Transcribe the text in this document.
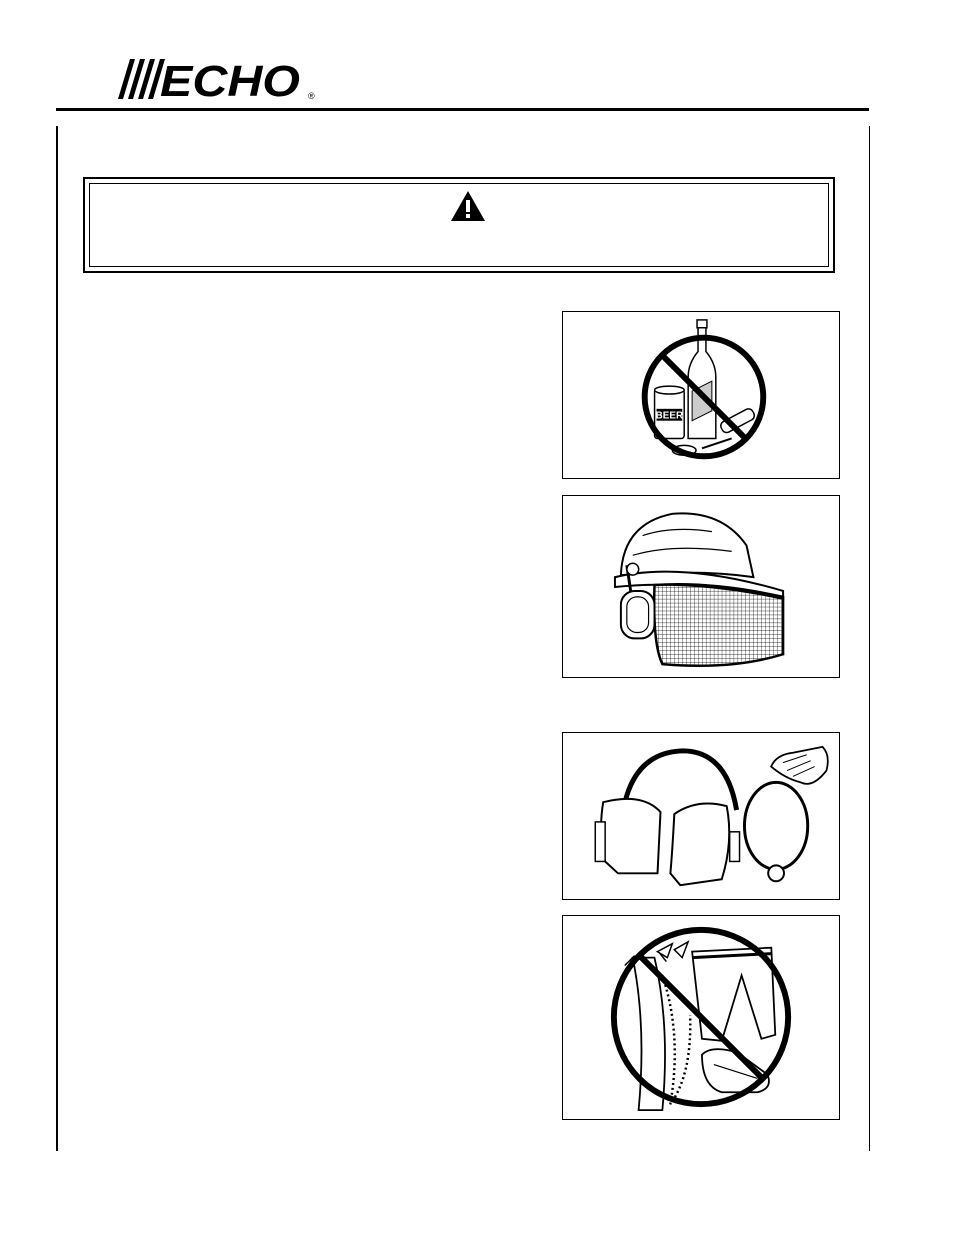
ECHO ®
BEER
